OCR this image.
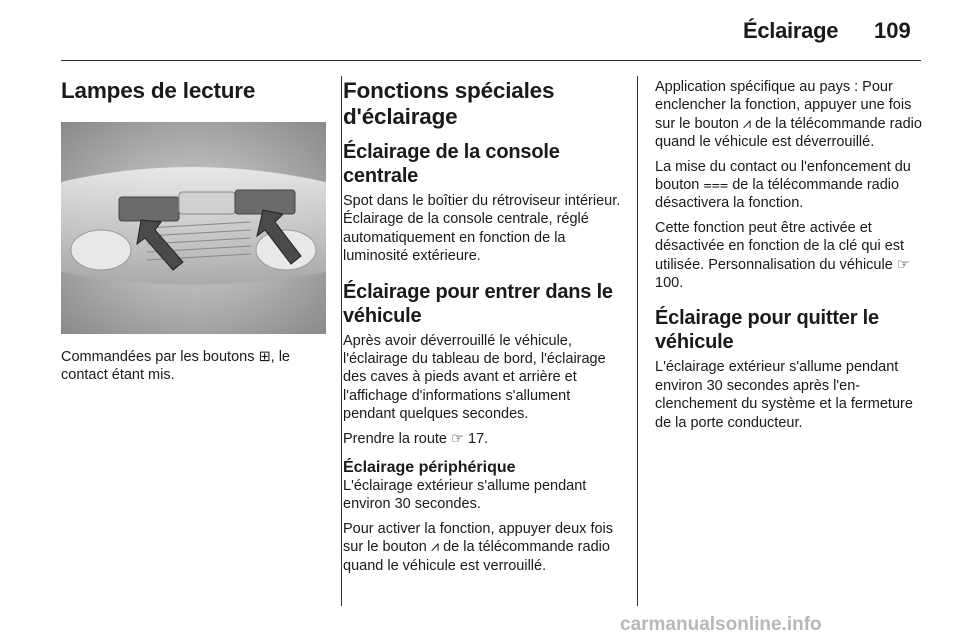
Éclairage 109
Lampes de lecture

Commandées par les boutons ⊞, le contact étant mis.

Fonctions spéciales d'éclairage
Éclairage de la console centrale

Spot dans le boîtier du rétroviseur intérieur. Éclairage de la console centrale, réglé automatiquement en fonction de la luminosité extérieure.

Éclairage pour entrer dans le véhicule

Après avoir déverrouillé le véhicule, l'éclairage du tableau de bord, l'éclairage des caves à pieds avant et arrière et l'affichage d'informations s'allument pendant quelques secondes.

Prendre la route ☞ 17.

Éclairage périphérique

L'éclairage extérieur s'allume pendant environ 30 secondes.

Pour activer la fonction, appuyer deux fois sur le bouton ⩘ de la télécommande radio quand le véhicule est verrouillé.

Application spécifique au pays : Pour enclencher la fonction, appuyer une fois sur le bouton ⩘ de la télécommande radio quand le véhicule est déverrouillé.

La mise du contact ou l'enfoncement du bouton ⩶ de la télécommande radio désactivera la fonction.

Cette fonction peut être activée et désactivée en fonction de la clé qui est utilisée. Personnalisation du véhicule ☞ 100.

Éclairage pour quitter le véhicule

L'éclairage extérieur s'allume pendant environ 30 secondes après l'enclenchement du système et la fermeture de la porte conducteur.

carmanualsonline.info
